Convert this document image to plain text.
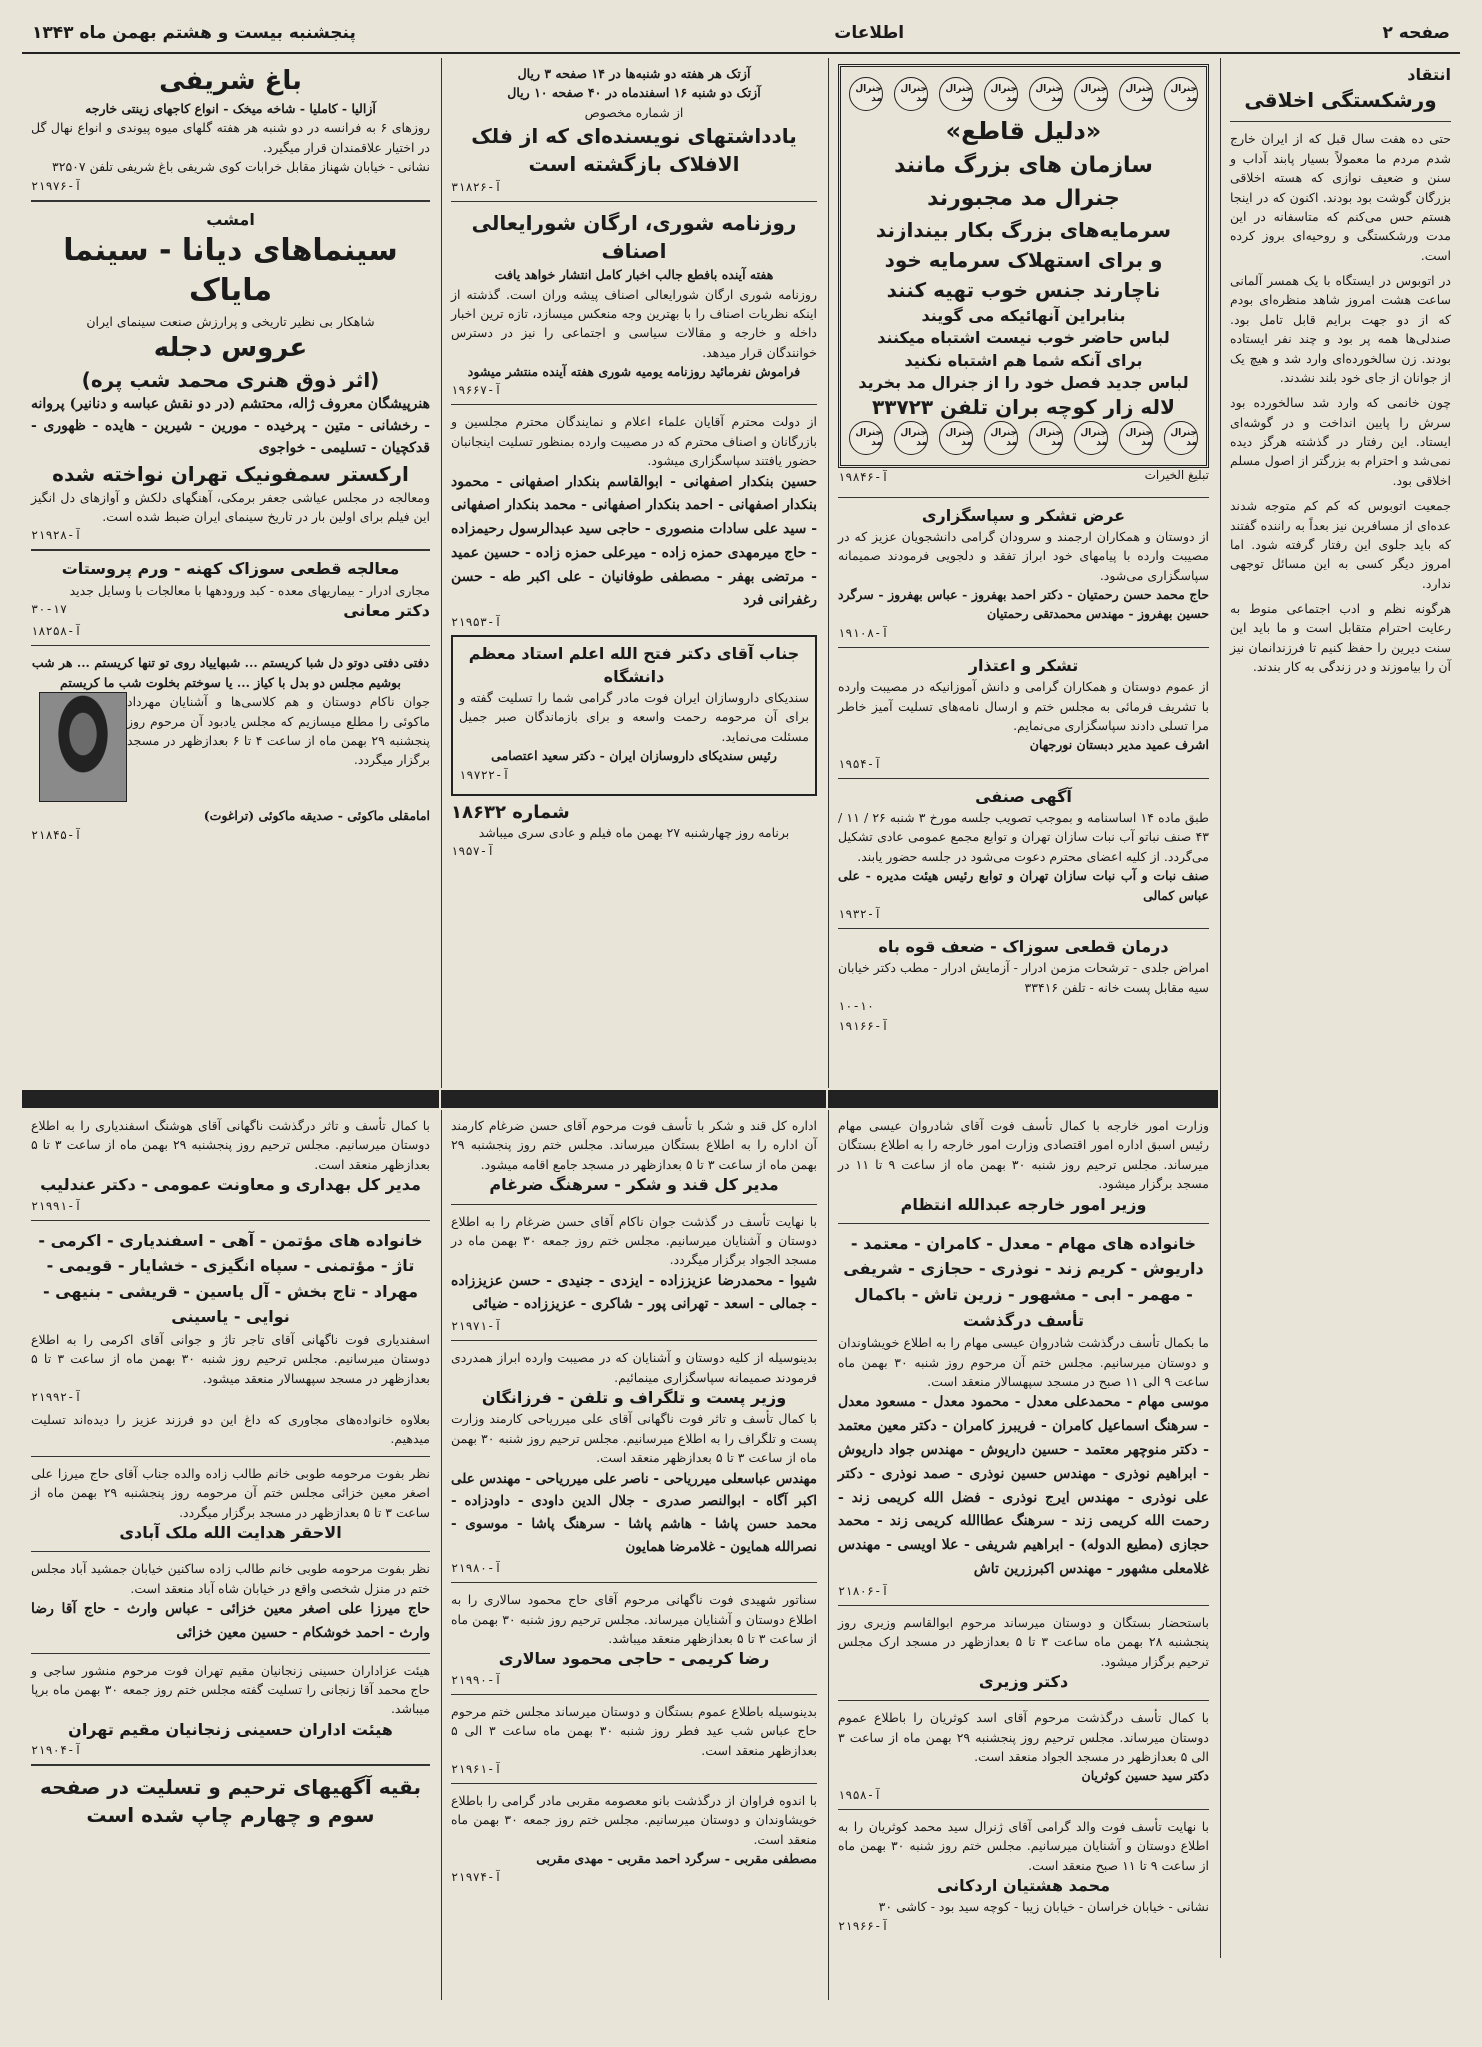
صفحه ۲
اطلاعات
پنجشنبه بیست و هشتم بهمن ماه ۱۳۴۳
انتقاد
ورشکستگی اخلاقی

حتی ده هفت سال قبل که از ایران خارج شدم مردم ما معمولاً بسیار پابند آداب و سنن و ضعیف نوازی که هسته اخلاقی بزرگان گوشت بود بودند. اکنون که در اینجا هستم حس می‌کنم که متاسفانه در این مدت ورشکستگی و روحیه‌ای بروز کرده است.

در اتوبوس در ایستگاه با یک همسر آلمانی ساعت هشت امروز شاهد منظره‌ای بودم که از دو جهت برایم قابل تامل بود. صندلی‌ها همه پر بود و چند نفر ایستاده بودند. زن سالخورده‌ای وارد شد و هیچ یک از جوانان از جای خود بلند نشدند.

چون خانمی که وارد شد سالخورده بود سرش را پایین انداخت و در گوشه‌ای ایستاد. این رفتار در گذشته هرگز دیده نمی‌شد و احترام به بزرگتر از اصول مسلم اخلاقی بود.

جمعیت اتوبوس که کم کم متوجه شدند عده‌ای از مسافرین نیز بعداً به راننده گفتند که باید جلوی این رفتار گرفته شود. اما امروز دیگر کسی به این مسائل توجهی ندارد.

هرگونه نظم و ادب اجتماعی منوط به رعایت احترام متقابل است و ما باید این سنت دیرین را حفظ کنیم تا فرزندانمان نیز آن را بیاموزند و در زندگی به کار بندند.

جنرال مد
جنرال مد
جنرال مد
جنرال مد
جنرال مد
جنرال مد
جنرال مد
جنرال مد
«دلیل قاطع»
سازمان های بزرگ مانند
جنرال مد مجبورند
سرمایه‌های بزرگ بکار بیندازند
و برای استهلاک سرمایه خود
ناچارند جنس خوب تهیه کنند
بنابراین آنهائیکه می گویند
لباس حاضر خوب نیست اشتباه میکنند
برای آنکه شما هم اشتباه نکنید
لباس جدید فصل خود را از جنرال مد بخرید
لاله زار کوچه بران تلفن ۳۳۷۲۳
جنرال مد
جنرال مد
جنرال مد
جنرال مد
جنرال مد
جنرال مد
جنرال مد
جنرال مد
تبلیغ الخیرات
آ-۱۹۸۴۶
عرض تشکر و سپاسگزاری

از دوستان و همکاران ارجمند و سرودان گرامی دانشجویان عزیز که در مصیبت وارده با پیامهای خود ابراز تفقد و دلجویی فرمودند صمیمانه سپاسگزاری می‌شود.

حاج محمد حسن رحمتیان - دکتر احمد بهفروز - عباس بهفروز - سرگرد حسین بهفروز - مهندس محمدتقی رحمتیان

آ-۱۹۱۰۸
تشکر و اعتذار

از عموم دوستان و همکاران گرامی و دانش آموزانیکه در مصیبت وارده با تشریف فرمائی به مجلس ختم و ارسال نامه‌های تسلیت آمیز خاطر مرا تسلی دادند سپاسگزاری می‌نمایم.

اشرف عمید مدیر دبستان نورجهان

آ-۱۹۵۴
آگهی صنفی

طبق ماده ۱۴ اساسنامه و بموجب تصویب جلسه مورخ ۳ شنبه ۲۶ / ۱۱ / ۴۳ صنف نباتو آب نبات سازان تهران و توابع مجمع عمومی عادی تشکیل می‌گردد. از کلیه اعضای محترم دعوت می‌شود در جلسه حضور یابند.

صنف نبات و آب نبات سازان تهران و توابع رئیس هیئت مدیره - علی عباس کمالی

آ-۱۹۳۲
درمان قطعی سوزاک - ضعف قوه باه

امراض جلدی - ترشحات مزمن ادرار - آزمایش ادرار - مطب دکتر خیابان سیه مقابل پست خانه - تلفن ۳۳۴۱۶

۱۰-۱۰
آ-۱۹۱۶۶

آزتک هر هفته دو شنبه‌ها در ۱۴ صفحه ۳ ریال

آزتک دو شنبه ۱۶ اسفندماه در ۴۰ صفحه ۱۰ ریال

از شماره مخصوص

یادداشتهای نویسنده‌ای که از فلک الافلاک بازگشته است
آ-۳۱۸۲۶
روزنامه شوری، ارگان شورایعالی اصناف

هفته آینده بافطع جالب اخبار کامل انتشار خواهد یافت

روزنامه شوری ارگان شورایعالی اصناف پیشه وران است. گذشته از اینکه نظریات اصناف را با بهترین وجه منعکس میسازد، تازه ترین اخبار داخله و خارجه و مقالات سیاسی و اجتماعی را نیز در دسترس خوانندگان قرار میدهد.

فراموش نفرمائید روزنامه یومیه شوری هفته آینده منتشر میشود

آ-۱۹۶۶۷

از دولت محترم آقایان علماء اعلام و نمایندگان محترم مجلسین و بازرگانان و اصناف محترم که در مصیبت وارده بمنظور تسلیت اینجانبان حضور یافتند سپاسگزاری میشود.

حسین بنکدار اصفهانی - ابوالقاسم بنکدار اصفهانی - محمود بنکدار اصفهانی - احمد بنکدار اصفهانی - محمد بنکدار اصفهانی - سید علی سادات منصوری - حاجی سید عبدالرسول رحیمزاده - حاج میرمهدی حمزه زاده - میرعلی حمزه زاده - حسین عمید - مرتضی بهفر - مصطفی طوفانیان - علی اکبر طه - حسن رغفرانی فرد

آ-۲۱۹۵۳
جناب آقای دکتر فتح الله اعلم استاد معظم دانشگاه

سندیکای داروسازان ایران فوت مادر گرامی شما را تسلیت گفته و برای آن مرحومه رحمت واسعه و برای بازماندگان صبر جمیل مسئلت می‌نماید.

رئیس سندیکای داروسازان ایران - دکتر سعید اعتصامی

آ-۱۹۷۲۲
شماره ۱۸۶۳۲

برنامه روز چهارشنبه ۲۷ بهمن ماه فیلم و عادی سری میباشد

آ-۱۹۵۷
باغ شریفی

آزالیا - کاملیا - شاخه میخک - انواع کاجهای زینتی خارجه

روزهای ۶ به فرانسه در دو شنبه هر هفته گلهای میوه پیوندی و انواع نهال گل در اختیار علاقمندان قرار میگیرد.

نشانی - خیابان شهناز مقابل خرابات کوی شریفی باغ شریفی تلفن ۳۲۵۰۷

آ-۲۱۹۷۶
امشب
سینماهای دیانا - سینما مایاک

شاهکار بی نظیر تاریخی و پرارزش صنعت سینمای ایران

عروس دجله
(اثر ذوق هنری محمد شب پره)

هنرپیشگان معروف ژاله، محتشم (در دو نقش عباسه و دنانیر) پروانه - رخشانی - متین - پرخیده - مورین - شیرین - هایده - ظهوری - قدکچیان - تسلیمی - خواجوی

ارکستر سمفونیک تهران نواخته شده

ومعالجه در مجلس عیاشی جعفر برمکی، آهنگهای دلکش و آوازهای دل انگیز این فیلم برای اولین بار در تاریخ سینمای ایران ضبط شده است.

آ-۲۱۹۲۸
معالجه قطعی سوزاک کهنه - ورم پروستات

مجاری ادرار - بیماریهای معده - کبد ورودهها با معالجات با وسایل جدید

دکتر معانی
۳۰-۱۷
آ-۱۸۲۵۸

دفتی دفتی دوتو دل شبا کریستم ... شبهاییاد روی تو تنها کریستم ... هر شب بوشیم مجلس دو بدل با کیاز ... یا سوختم بخلوت شب ما کریستم

جوان ناکام دوستان و هم کلاسی‌ها و آشنایان مهرداد ماکوئی را مطلع میسازیم که مجلس یادبود آن مرحوم روز پنجشنبه ۲۹ بهمن ماه از ساعت ۴ تا ۶ بعدازظهر در مسجد برگزار میگردد.

امامقلی ماکوئی - صدیقه ماکوئی (تراغوت)

آ-۲۱۸۴۵

وزارت امور خارجه با کمال تأسف فوت آقای شادروان عیسی مهام رئیس اسبق اداره امور اقتصادی وزارت امور خارجه را به اطلاع بستگان میرساند. مجلس ترحیم روز شنبه ۳۰ بهمن ماه از ساعت ۹ تا ۱۱ در مسجد برگزار میشود.

وزیر امور خارجه عبدالله انتظام
خانواده های مهام - معدل - کامران - معتمد - داریوش - کریم زند - نوذری - حجازی - شریفی - مهمر - ابی - مشهور - زرین تاش - باکمال تأسف درگذشت

ما بکمال تأسف درگذشت شادروان عیسی مهام را به اطلاع خویشاوندان و دوستان میرسانیم. مجلس ختم آن مرحوم روز شنبه ۳۰ بهمن ماه ساعت ۹ الی ۱۱ صبح در مسجد سپهسالار منعقد است.

موسی مهام - محمدعلی معدل - محمود معدل - مسعود معدل - سرهنگ اسماعیل کامران - فریبرز کامران - دکتر معین معتمد - دکتر منوچهر معتمد - حسین داریوش - مهندس جواد داریوش - ابراهیم نوذری - مهندس حسین نوذری - صمد نوذری - دکتر علی نوذری - مهندس ایرج نوذری - فضل الله کریمی زند - رحمت الله کریمی زند - سرهنگ عطاالله کریمی زند - محمد حجازی (مطیع الدوله) - ابراهیم شریفی - علا اویسی - مهندس غلامعلی مشهور - مهندس اکبرزرین تاش

آ-۲۱۸۰۶

باستحضار بستگان و دوستان میرساند مرحوم ابوالقاسم وزیری روز پنجشنبه ۲۸ بهمن ماه ساعت ۳ تا ۵ بعدازظهر در مسجد ارک مجلس ترحیم برگزار میشود.

دکتر وزیری

با کمال تأسف درگذشت مرحوم آقای اسد کوثریان را باطلاع عموم دوستان میرساند. مجلس ترحیم روز پنجشنبه ۲۹ بهمن ماه از ساعت ۳ الی ۵ بعدازظهر در مسجد الجواد منعقد است.

دکتر سید حسین کوثریان

آ-۱۹۵۸

با نهایت تأسف فوت والد گرامی آقای ژنرال سید محمد کوثریان را به اطلاع دوستان و آشنایان میرسانیم. مجلس ختم روز شنبه ۳۰ بهمن ماه از ساعت ۹ تا ۱۱ صبح منعقد است.

محمد هشتیان اردکانی

نشانی - خیابان خراسان - خیابان زیبا - کوچه سید بود - کاشی ۳۰

آ-۲۱۹۶۶

اداره کل قند و شکر با تأسف فوت مرحوم آقای حسن ضرغام کارمند آن اداره را به اطلاع بستگان میرساند. مجلس ختم روز پنجشنبه ۲۹ بهمن ماه از ساعت ۳ تا ۵ بعدازظهر در مسجد جامع اقامه میشود.

مدیر کل قند و شکر - سرهنگ ضرغام

با نهایت تأسف در گذشت جوان ناکام آقای حسن ضرغام را به اطلاع دوستان و آشنایان میرسانیم. مجلس ختم روز جمعه ۳۰ بهمن ماه در مسجد الجواد برگزار میگردد.

شیوا - محمدرضا عزیززاده - ایزدی - جنیدی - حسن عزیززاده - جمالی - اسعد - تهرانی پور - شاکری - عزیززاده - ضیائی

آ-۲۱۹۷۱

بدینوسیله از کلیه دوستان و آشنایان که در مصیبت وارده ابراز همدردی فرمودند صمیمانه سپاسگزاری مینمائیم.

وزیر پست و تلگراف و تلفن - فرزانگان

با کمال تأسف و تاثر فوت ناگهانی آقای علی میرریاحی کارمند وزارت پست و تلگراف را به اطلاع میرسانیم. مجلس ترحیم روز شنبه ۳۰ بهمن ماه از ساعت ۳ تا ۵ بعدازظهر منعقد است.

مهندس عباسعلی میرریاحی - ناصر علی میرریاحی - مهندس علی اکبر آگاه - ابوالنصر صدری - جلال الدین داودی - داودزاده - محمد حسن پاشا - هاشم پاشا - سرهنگ پاشا - موسوی - نصرالله همایون - غلامرضا همایون

آ-۲۱۹۸۰

سناتور شهیدی فوت ناگهانی مرحوم آقای حاج محمود سالاری را به اطلاع دوستان و آشنایان میرساند. مجلس ترحیم روز شنبه ۳۰ بهمن ماه از ساعت ۳ تا ۵ بعدازظهر منعقد میباشد.

رضا کریمی - حاجی محمود سالاری
آ-۲۱۹۹۰

بدینوسیله باطلاع عموم بستگان و دوستان میرساند مجلس ختم مرحوم حاج عباس شب عید فطر روز شنبه ۳۰ بهمن ماه ساعت ۳ الی ۵ بعدازظهر منعقد است.

آ-۲۱۹۶۱

با اندوه فراوان از درگذشت بانو معصومه مقربی مادر گرامی را باطلاع خویشاوندان و دوستان میرسانیم. مجلس ختم روز جمعه ۳۰ بهمن ماه منعقد است.

مصطفی مقربی - سرگرد احمد مقربی - مهدی مقربی

آ-۲۱۹۷۴

با کمال تأسف و تاثر درگذشت ناگهانی آقای هوشنگ اسفندیاری را به اطلاع دوستان میرسانیم. مجلس ترحیم روز پنجشنبه ۲۹ بهمن ماه از ساعت ۳ تا ۵ بعدازظهر منعقد است.

مدیر کل بهداری و معاونت عمومی - دکتر عندلیب
آ-۲۱۹۹۱
خانواده های مؤتمن - آهی - اسفندیاری - اکرمی - تاژ - مؤتمنی - سپاه انگیزی - خشایار - قویمی - مهراد - تاج بخش - آل یاسین - قریشی - بنیهی - نوایی - یاسینی

اسفندیاری فوت ناگهانی آقای تاجر تاژ و جوانی آقای اکرمی را به اطلاع دوستان میرسانیم. مجلس ترحیم روز شنبه ۳۰ بهمن ماه از ساعت ۳ تا ۵ بعدازظهر در مسجد سپهسالار منعقد میشود.

آ-۲۱۹۹۲

بعلاوه خانواده‌های مجاوری که داغ این دو فرزند عزیز را دیده‌اند تسلیت میدهیم.

نظر بفوت مرحومه طوبی خانم طالب زاده والده جناب آقای حاج میرزا علی اصغر معین خزائی مجلس ختم آن مرحومه روز پنجشنبه ۲۹ بهمن ماه از ساعت ۳ تا ۵ بعدازظهر در مسجد برگزار میگردد.

الاحقر هدایت الله ملک آبادی

نظر بفوت مرحومه طوبی خانم طالب زاده ساکنین خیابان جمشید آباد مجلس ختم در منزل شخصی واقع در خیابان شاه آباد منعقد است.

حاج میرزا علی اصغر معین خزائی - عباس وارث - حاج آقا رضا وارث - احمد خوشکام - حسین معین خزائی

هیئت عزاداران حسینی زنجانیان مقیم تهران فوت مرحوم منشور ساجی و حاج محمد آقا زنجانی را تسلیت گفته مجلس ختم روز جمعه ۳۰ بهمن ماه برپا میباشد.

هیئت اداران حسینی زنجانیان مقیم تهران
آ-۲۱۹۰۴
بقیه آگهیهای ترحیم و تسلیت در صفحه سوم و چهارم چاپ شده است
